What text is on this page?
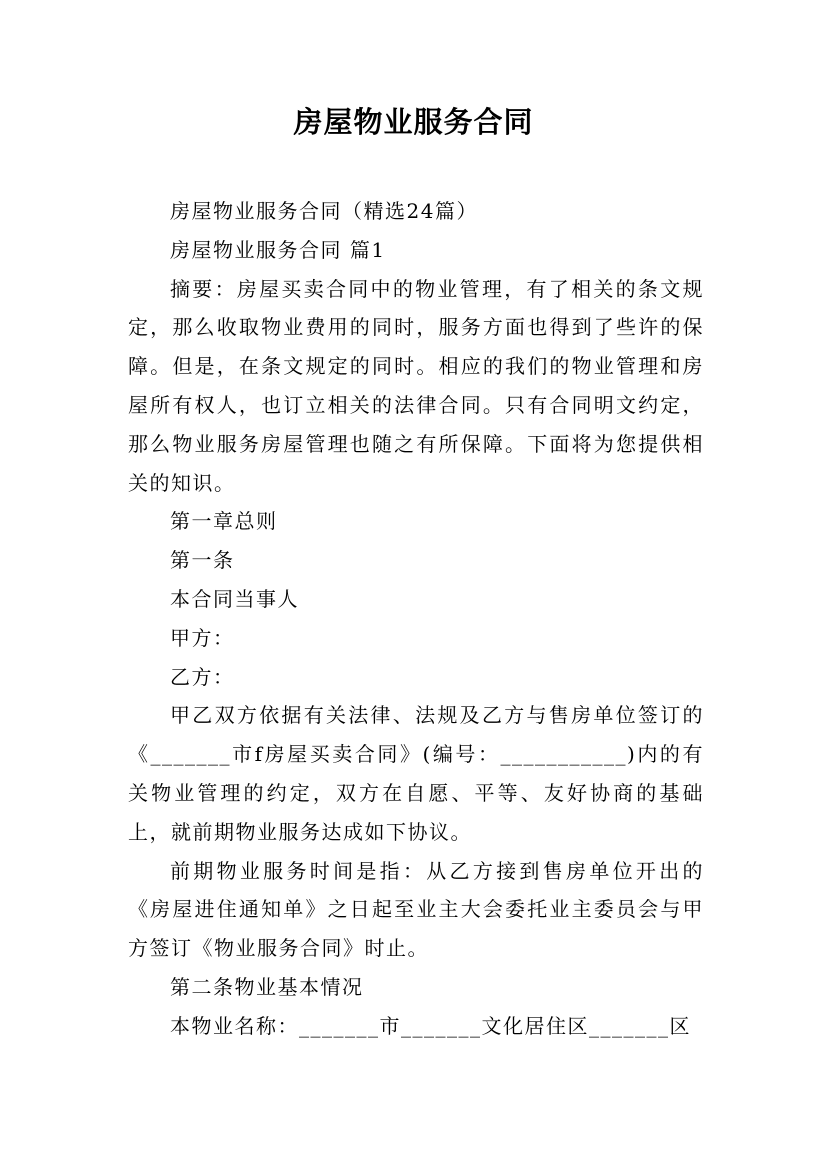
房屋物业服务合同

房屋物业服务合同（精选24篇）

房屋物业服务合同 篇1

摘要：房屋买卖合同中的物业管理，有了相关的条文规定，那么收取物业费用的同时，服务方面也得到了些许的保障。但是，在条文规定的同时。相应的我们的物业管理和房屋所有权人，也订立相关的法律合同。只有合同明文约定，那么物业服务房屋管理也随之有所保障。下面将为您提供相关的知识。

第一章总则

第一条

本合同当事人

甲方：

乙方：

甲乙双方依据有关法律、法规及乙方与售房单位签订的《_______市f房屋买卖合同》(编号：___________)内的有关物业管理的约定，双方在自愿、平等、友好协商的基础上，就前期物业服务达成如下协议。

前期物业服务时间是指：从乙方接到售房单位开出的《房屋进住通知单》之日起至业主大会委托业主委员会与甲方签订《物业服务合同》时止。

第二条物业基本情况

本物业名称：_______市_______文化居住区_______区
